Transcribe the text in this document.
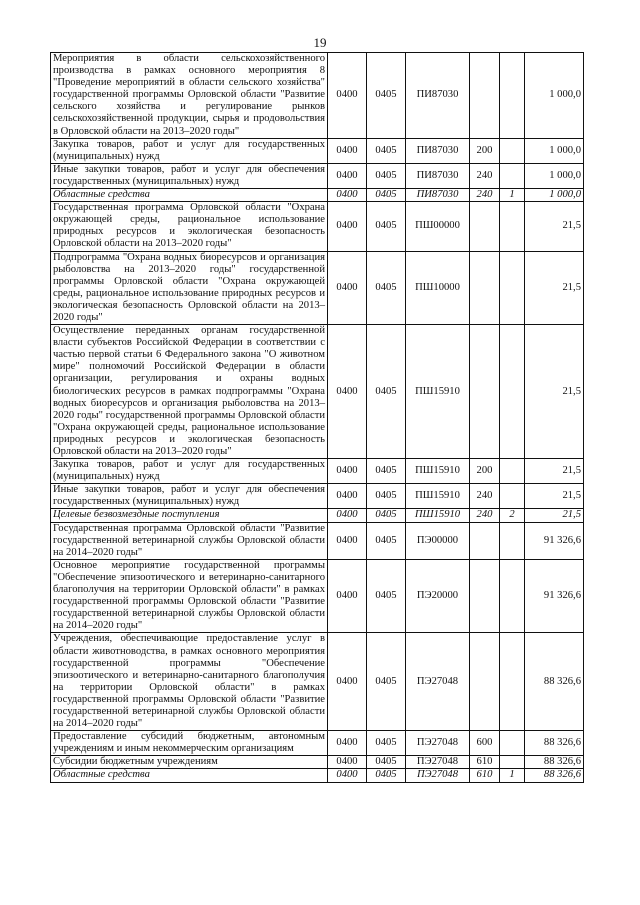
19
Мероприятия в области сельскохозяйственного производства в рамках основного мероприятия 8 "Проведение мероприятий в области сельского хозяйства" государственной программы Орловской области "Развитие сельского хозяйства и регулирование рынков сельскохозяйственной продукции, сырья и продовольствия в Орловской области на 2013–2020 годы"	0400	0405	ПИ87030			1 000,0
Закупка товаров, работ и услуг для государственных (муниципальных) нужд	0400	0405	ПИ87030	200		1 000,0
Иные закупки товаров, работ и услуг для обеспечения государственных (муниципальных) нужд	0400	0405	ПИ87030	240		1 000,0
Областные средства	0400	0405	ПИ87030	240	1	1 000,0
Государственная программа Орловской области "Охрана окружающей среды, рациональное использование природных ресурсов и экологическая безопасность Орловской области на 2013–2020 годы"	0400	0405	ПШ00000			21,5
Подпрограмма "Охрана водных биоресурсов и организация рыболовства на 2013–2020 годы" государственной программы Орловской области "Охрана окружающей среды, рациональное использование природных ресурсов и экологическая безопасность Орловской области на 2013–2020 годы"	0400	0405	ПШ10000			21,5
Осуществление переданных органам государственной власти субъектов Российской Федерации в соответствии с частью первой статьи 6 Федерального закона "О животном мире" полномочий Российской Федерации в области организации, регулирования и охраны водных биологических ресурсов в рамках подпрограммы "Охрана водных биоресурсов и организация рыболовства на 2013–2020 годы" государственной программы Орловской области "Охрана окружающей среды, рациональное использование природных ресурсов и экологическая безопасность Орловской области на 2013–2020 годы"	0400	0405	ПШ15910			21,5
Закупка товаров, работ и услуг для государственных (муниципальных) нужд	0400	0405	ПШ15910	200		21,5
Иные закупки товаров, работ и услуг для обеспечения государственных (муниципальных) нужд	0400	0405	ПШ15910	240		21,5
Целевые безвозмездные поступления	0400	0405	ПШ15910	240	2	21,5
Государственная программа Орловской области "Развитие государственной ветеринарной службы Орловской области на 2014–2020 годы"	0400	0405	ПЭ00000			91 326,6
Основное мероприятие государственной программы "Обеспечение эпизоотического и ветеринарно-санитарного благополучия на территории Орловской области" в рамках государственной программы Орловской области "Развитие государственной ветеринарной службы Орловской области на 2014–2020 годы"	0400	0405	ПЭ20000			91 326,6
Учреждения, обеспечивающие предоставление услуг в области животноводства, в рамках основного мероприятия государственной программы "Обеспечение эпизоотического и ветеринарно-санитарного благополучия на территории Орловской области" в рамках государственной программы Орловской области "Развитие государственной ветеринарной службы Орловской области на 2014–2020 годы"	0400	0405	ПЭ27048			88 326,6
Предоставление субсидий бюджетным, автономным учреждениям и иным некоммерческим организациям	0400	0405	ПЭ27048	600		88 326,6
Субсидии бюджетным учреждениям	0400	0405	ПЭ27048	610		88 326,6
Областные средства	0400	0405	ПЭ27048	610	1	88 326,6
